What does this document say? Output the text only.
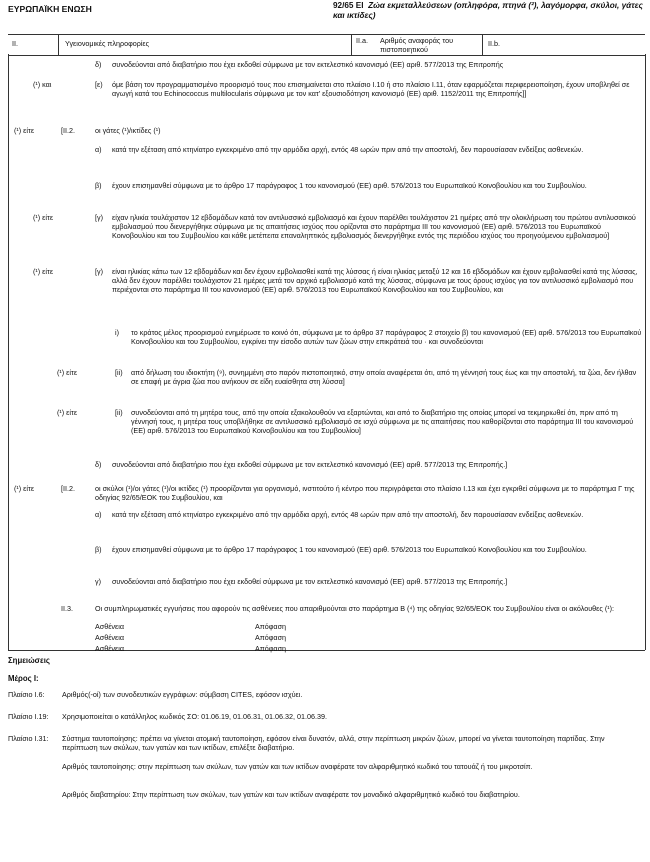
ΕΥΡΩΠΑΪΚΗ ΕΝΩΣΗ	92/65 ΕΙ Ζώα εκμεταλλεύσεων (οπληφόρα, πτηνά (²), λαγόμορφα, σκύλοι, γάτες και ικτίδες)
II.	Υγειονομικές πληροφορίες	II.a.	Αριθμός αναφοράς του πιστοποιητικού
II.b.
δ) συνοδεύονται από διαβατήριο που έχει εκδοθεί σύμφωνα με τον εκτελεστικό κανονισμό (ΕΕ) αριθ. 577/2013 της Επιτροπής
(¹) και	[ε) όμε βάση τον προγραμματισμένο προορισμό τους που επισημαίνεται στο πλαίσιο I.10 ή στο πλαίσιο I.11, όταν εφαρμόζεται περιφερειοποίηση, έχουν υποβληθεί σε αγωγή κατά του Echinococcus multilocularis σύμφωνα με τον κατ' εξουσιοδότηση κανονισμό (ΕΕ) αριθ. 1152/2011 της Επιτροπής]]
(¹) είτε	[II.2.	οι γάτες (¹)/ικτίδες (¹)
α) κατά την εξέταση από κτηνίατρο εγκεκριμένο από την αρμόδια αρχή, εντός 48 ωρών πριν από την αποστολή, δεν παρουσίασαν ενδείξεις ασθενειών.
β) έχουν επισημανθεί σύμφωνα με το άρθρο 17 παράγραφος 1 του κανονισμού (ΕΕ) αριθ. 576/2013 του Ευρωπαϊκού Κοινοβουλίου και του Συμβουλίου.
(¹) είτε	[γ) είχαν ηλικία τουλάχιστον 12 εβδομάδων κατά τον αντιλυσσικό εμβολιασμό και έχουν παρέλθει τουλάχιστον 21 ημέρες από την ολοκλήρωση του πρώτου αντιλυσσικού εμβολιασμού που διενεργήθηκε σύμφωνα με τις απαιτήσεις ισχύος που ορίζονται στο παράρτημα III του κανονισμού (ΕΕ) αριθ. 576/2013 του Ευρωπαϊκού Κοινοβουλίου και του Συμβουλίου και κάθε μετέπειτα επαναληπτικός εμβολιασμός διενεργήθηκε εντός της περιόδου ισχύος του προηγούμενου εμβολιασμού]
(¹) είτε	[γ) είναι ηλικίας κάτω των 12 εβδομάδων και δεν έχουν εμβολιασθεί κατά της λύσσας ή είναι ηλικίας μεταξύ 12 και 16 εβδομάδων και έχουν εμβολιασθεί κατά της λύσσας, αλλά δεν έχουν παρέλθει τουλάχιστον 21 ημέρες μετά τον αρχικό εμβολιασμό κατά της λύσσας, σύμφωνα με τους όρους ισχύος για τον αντιλυσσικό εμβολιασμό που περιέχονται στο παράρτημα III του κανονισμού (ΕΕ) αριθ. 576/2013 του Ευρωπαϊκού Κοινοβουλίου και του Συμβουλίου, και
i) το κράτος μέλος προορισμού ενημέρωσε το κοινό ότι, σύμφωνα με το άρθρο 37 παράγραφος 2 στοιχείο β) του κανονισμού (ΕΕ) αριθ. 576/2013 του Ευρωπαϊκού Κοινοβουλίου και του Συμβουλίου, εγκρίνει την είσοδο αυτών των ζώων στην επικράτειά του · και συνοδεύονται
(¹) είτε	[ii) από δήλωση του ιδιοκτήτη (⁹), συνημμένη στο παρόν πιστοποιητικό, στην οποία αναφέρεται ότι, από τη γέννησή τους έως και την αποστολή, τα ζώα, δεν ήλθαν σε επαφή με άγρια ζώα που ανήκουν σε είδη ευαίσθητα στη λύσσα]
(¹) είτε	[ii) συνοδεύονται από τη μητέρα τους, από την οποία εξακολουθούν να εξαρτώνται, και από το διαβατήριο της οποίας μπορεί να τεκμηριωθεί ότι, πριν από τη γέννησή τους, η μητέρα τους υποβλήθηκε σε αντιλυσσικό εμβολιασμό σε ισχύ σύμφωνα με τις απαιτήσεις που καθορίζονται στο παράρτημα III του κανονισμού (ΕΕ) αριθ. 576/2013 του Ευρωπαϊκού Κοινοβουλίου και του Συμβουλίου]
δ) συνοδεύονται από διαβατήριο που έχει εκδοθεί σύμφωνα με τον εκτελεστικό κανονισμό (ΕΕ) αριθ. 577/2013 της Επιτροπής.]
(¹) είτε	[II.2.	οι σκύλοι (¹)/οι γάτες (¹)/οι ικτίδες (¹) προορίζονται για οργανισμό, ινστιτούτο ή κέντρο που περιγράφεται στο πλαίσιο I.13 και έχει εγκριθεί σύμφωνα με το παράρτημα Γ της οδηγίας 92/65/ΕΟΚ του Συμβουλίου, και
α) κατά την εξέταση από κτηνίατρο εγκεκριμένο από την αρμόδια αρχή, εντός 48 ωρών πριν από την αποστολή, δεν παρουσίασαν ενδείξεις ασθενειών.
β) έχουν επισημανθεί σύμφωνα με το άρθρο 17 παράγραφος 1 του κανονισμού (ΕΕ) αριθ. 576/2013 του Ευρωπαϊκού Κοινοβουλίου και του Συμβουλίου.
γ) συνοδεύονται από διαβατήριο που έχει εκδοθεί σύμφωνα με τον εκτελεστικό κανονισμό (ΕΕ) αριθ. 577/2013 της Επιτροπής.]
II.3.	Οι συμπληρωματικές εγγυήσεις που αφορούν τις ασθένειες που απαριθμούνται στο παράρτημα Β (⁴) της οδηγίας 92/65/ΕΟΚ του Συμβουλίου είναι οι ακόλουθες (¹):
Ασθένεια	Απόφαση
Ασθένεια	Απόφαση
Ασθένεια	Απόφαση
Σημειώσεις
Μέρος I:
Πλαίσιο I.6: Αριθμός(-οί) των συνοδευτικών εγγράφων: σύμβαση CITES, εφόσον ισχύει.
Πλαίσιο I.19: Χρησιμοποιείται ο κατάλληλος κωδικός ΣΟ: 01.06.19, 01.06.31, 01.06.32, 01.06.39.
Πλαίσιο I.31: Σύστημα ταυτοποίησης: πρέπει να γίνεται ατομική ταυτοποίηση, εφόσον είναι δυνατόν, αλλά, στην περίπτωση μικρών ζώων, μπορεί να γίνεται ταυτοποίηση παρτίδας. Στην περίπτωση των σκύλων, των γατών και των ικτίδων, επιλέξτε διαβατήριο.
Αριθμός ταυτοποίησης: στην περίπτωση των σκύλων, των γατών και των ικτίδων αναφέρατε τον αλφαριθμητικό κωδικό του τατουάζ ή του μικροτσίπ.
Αριθμός διαβατηρίου: Στην περίπτωση των σκύλων, των γατών και των ικτίδων αναφέρατε τον μοναδικό αλφαριθμητικό κωδικό του διαβατηρίου.
